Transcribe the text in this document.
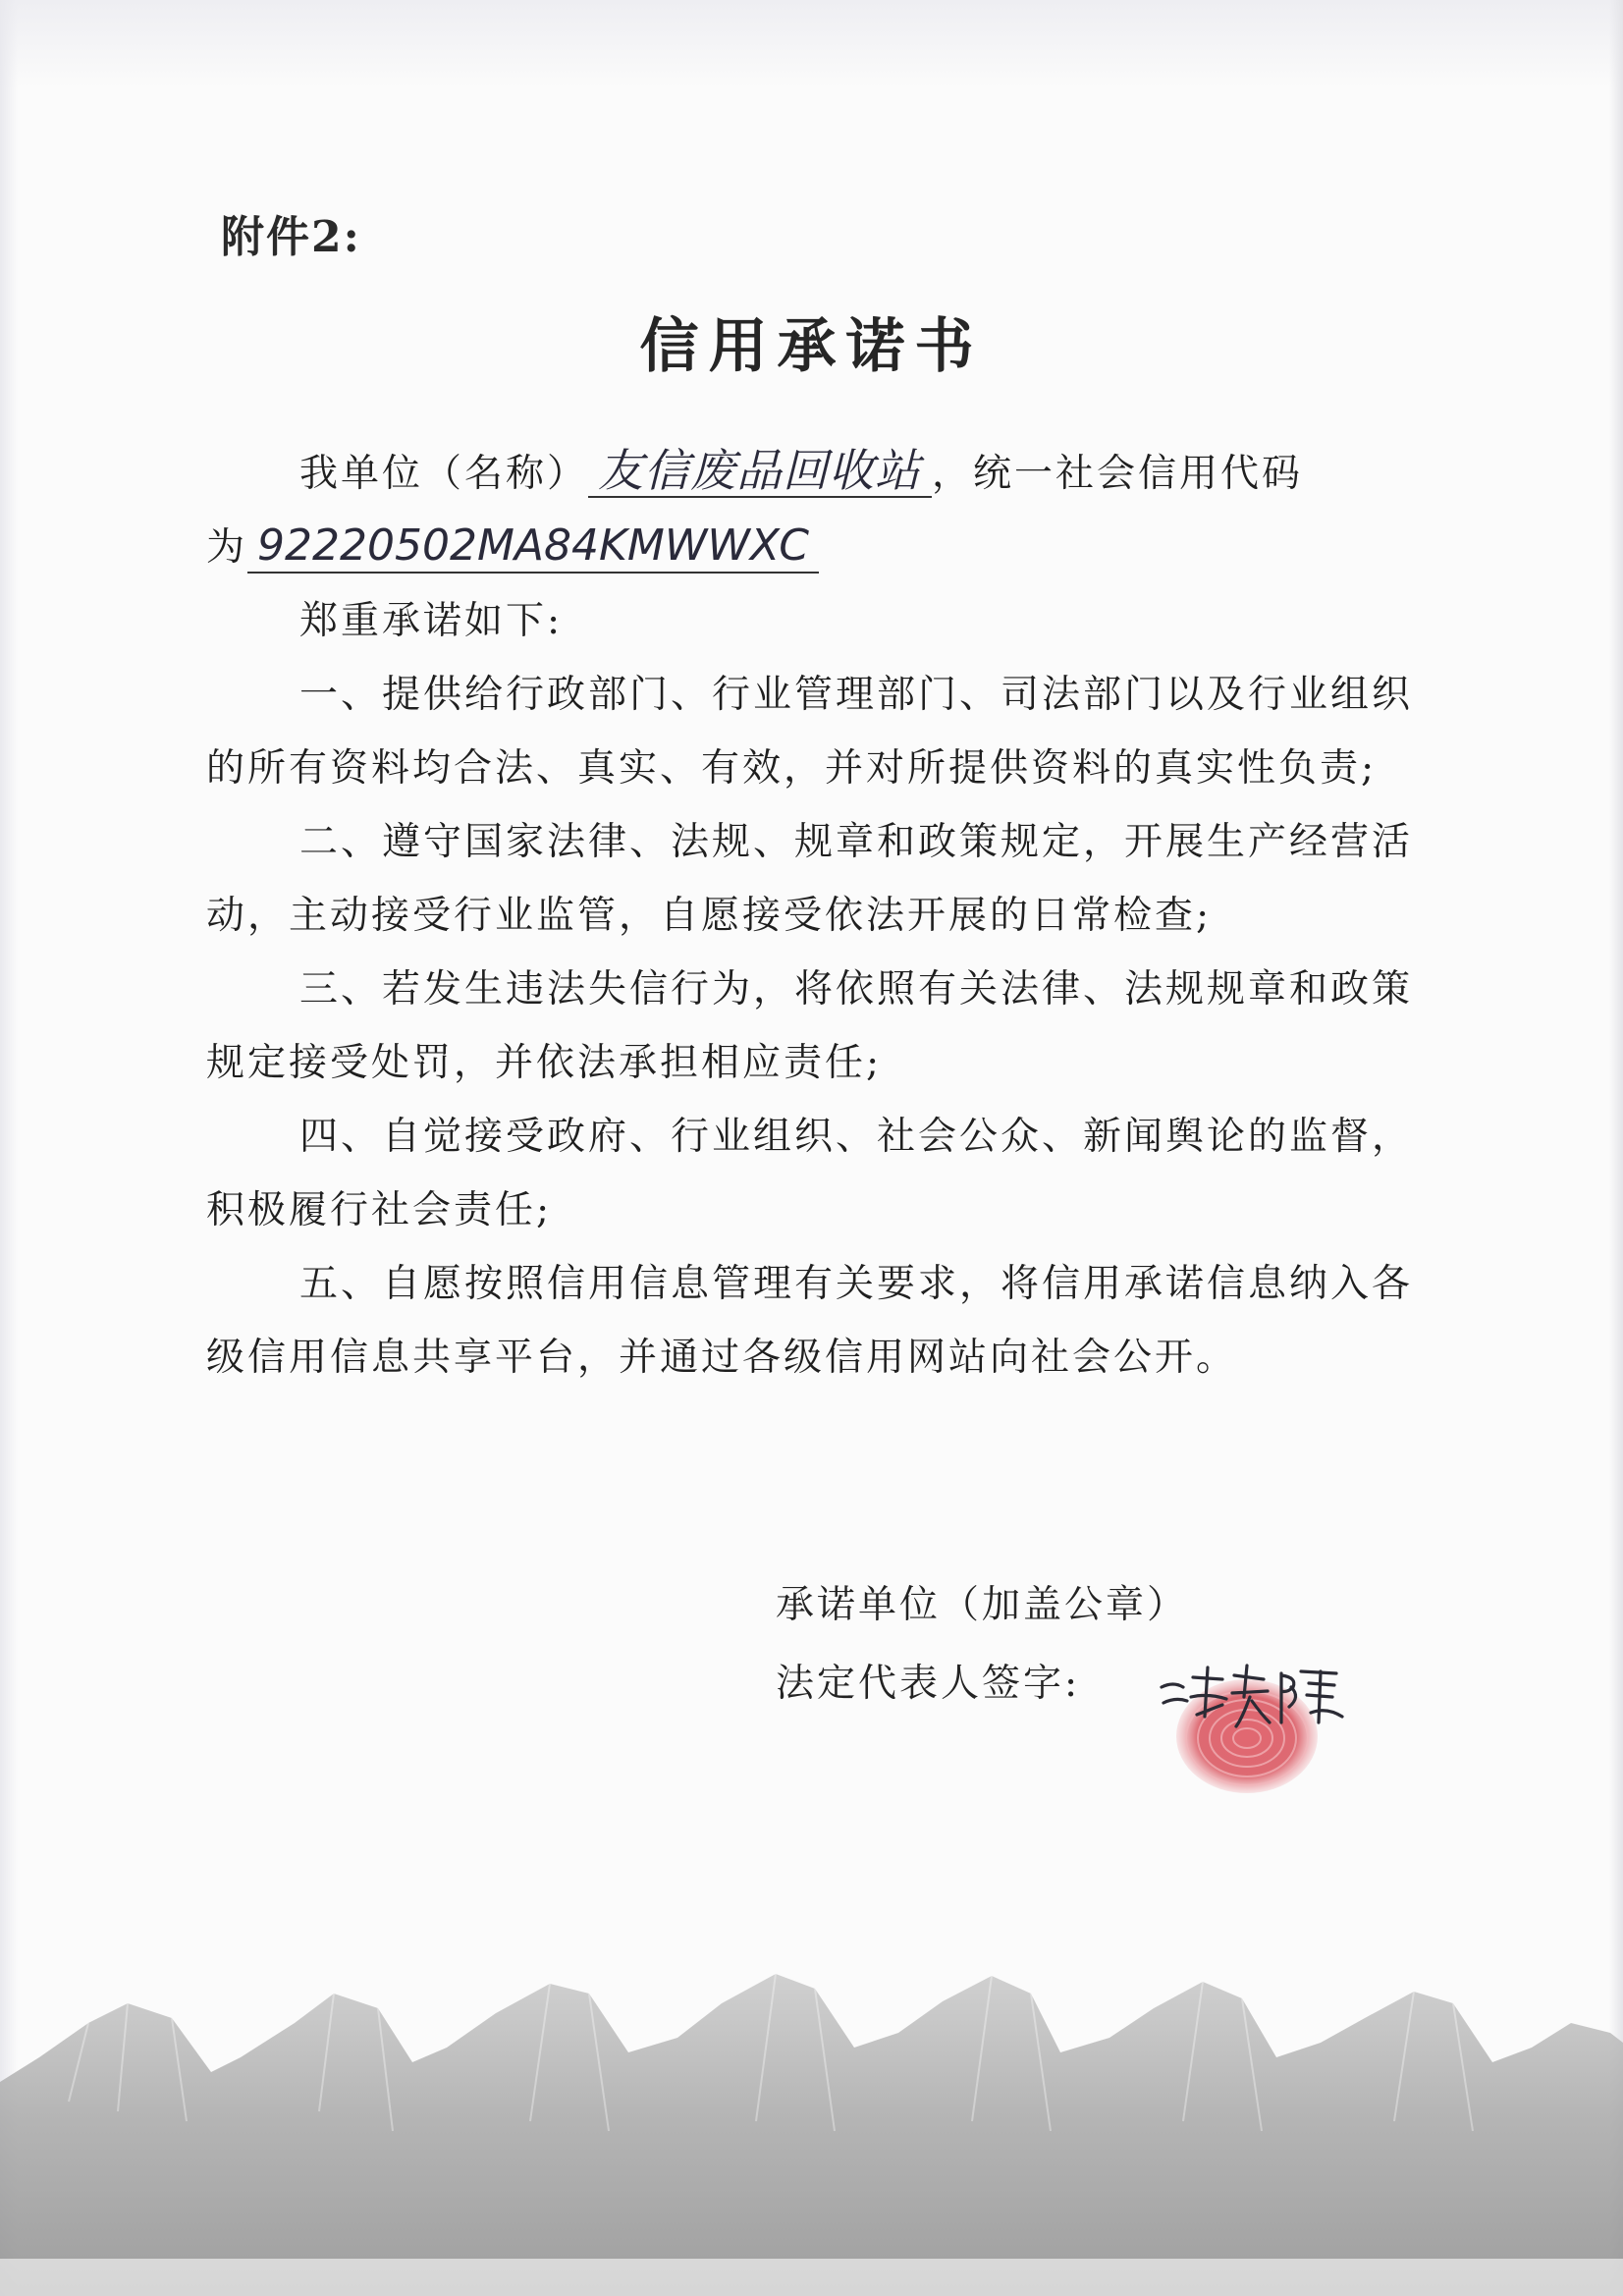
附件2:
信用承诺书
我单位（名称） 友信废品回收站 ，统一社会信用代码
为 92220502MA84KMWWXC
郑重承诺如下:
一、提供给行政部门、行业管理部门、司法部门以及行业组织
的所有资料均合法、真实、有效，并对所提供资料的真实性负责;
二、遵守国家法律、法规、规章和政策规定，开展生产经营活
动，主动接受行业监管，自愿接受依法开展的日常检查;
三、若发生违法失信行为，将依照有关法律、法规规章和政策
规定接受处罚，并依法承担相应责任;
四、自觉接受政府、行业组织、社会公众、新闻舆论的监督，
积极履行社会责任;
五、自愿按照信用信息管理有关要求，将信用承诺信息纳入各
级信用信息共享平台，并通过各级信用网站向社会公开。
承诺单位（加盖公章）
法定代表人签字:
